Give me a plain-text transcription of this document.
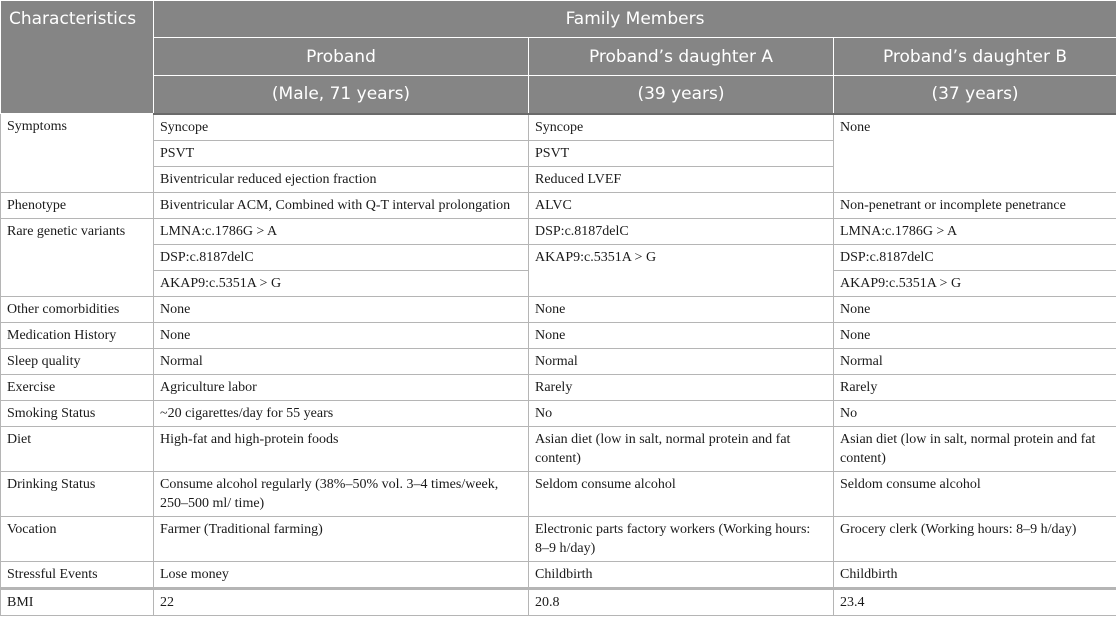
Characteristics	Family Members		
	Proband	Proband’s daughter A	Proband’s daughter B
	(Male, 71 years)	(39 years)	(37 years)
Symptoms	Syncope	Syncope	None
	PSVT	PSVT	
	Biventricular reduced ejection fraction	Reduced LVEF	
Phenotype	Biventricular ACM, Combined with Q-T interval prolongation	ALVC	Non-penetrant or incomplete penetrance
Rare genetic variants	LMNA:c.1786G > A	DSP:c.8187delC	LMNA:c.1786G > A
	DSP:c.8187delC	AKAP9:c.5351A > G	DSP:c.8187delC
	AKAP9:c.5351A > G		AKAP9:c.5351A > G
Other comorbidities	None	None	None
Medication History	None	None	None
Sleep quality	Normal	Normal	Normal
Exercise	Agriculture labor	Rarely	Rarely
Smoking Status	~20 cigarettes/day for 55 years	No	No
Diet	High-fat and high-protein foods	Asian diet (low in salt, normal protein and fat content)	Asian diet (low in salt, normal protein and fat content)
Drinking Status	Consume alcohol regularly (38%–50% vol. 3–4 times/week, 250–500 ml/ time)	Seldom consume alcohol	Seldom consume alcohol
Vocation	Farmer (Traditional farming)	Electronic parts factory workers (Working hours: 8–9 h/day)	Grocery clerk (Working hours: 8–9 h/day)
Stressful Events	Lose money	Childbirth	Childbirth
BMI	22	20.8	23.4
